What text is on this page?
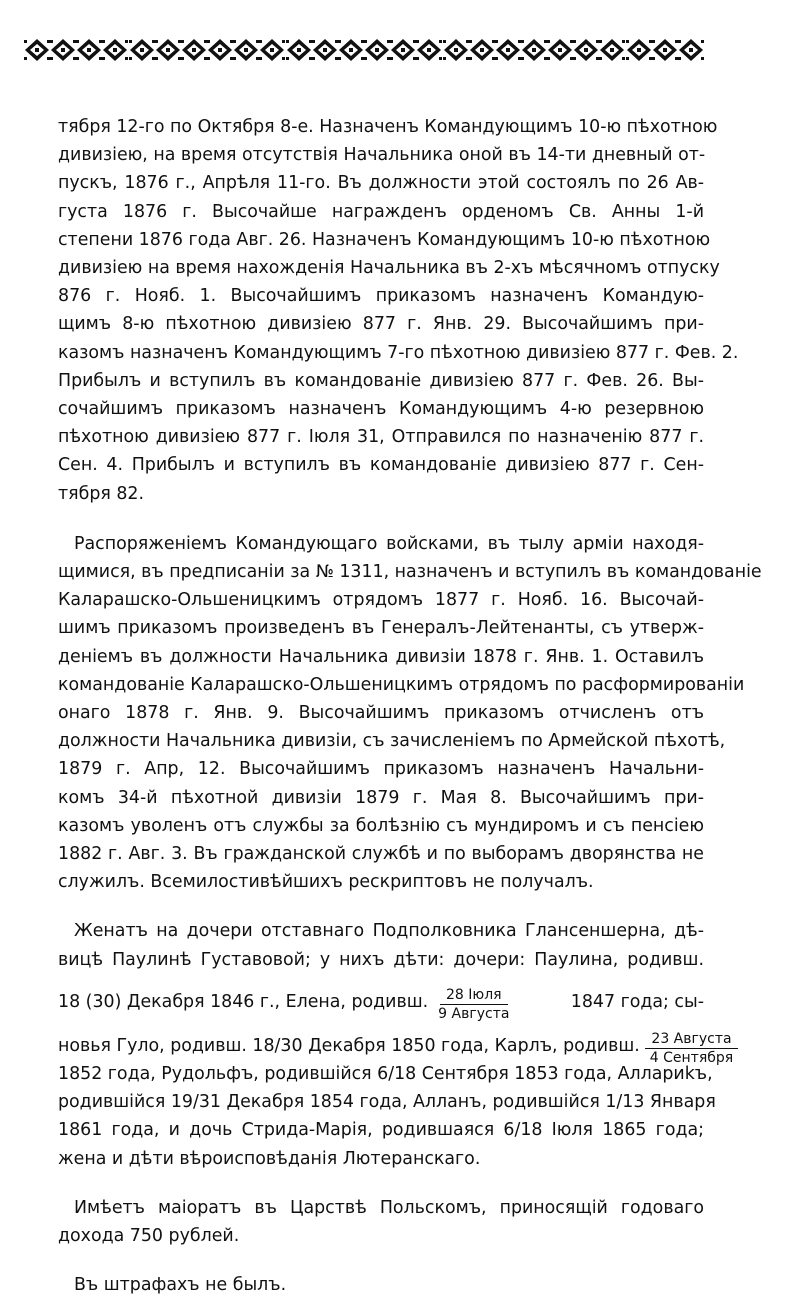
тября 12-го по Октября 8-е. Назначенъ Командующимъ 10-ю пѣхотною
дивизіею, на время отсутствія Начальника оной въ 14-ти дневный от-
пускъ, 1876 г., Апрѣля 11-го. Въ должности этой состоялъ по 26 Ав-
густа 1876 г. Высочайше награжденъ орденомъ Св. Анны 1-й
степени 1876 года Авг. 26. Назначенъ Командующимъ 10-ю пѣхотною
дивизіею на время нахожденія Начальника въ 2-хъ мѣсячномъ отпуску
876 г. Нояб. 1. Высочайшимъ приказомъ назначенъ Командую-
щимъ 8-ю пѣхотною дивизіею 877 г. Янв. 29. Высочайшимъ при-
казомъ назначенъ Командующимъ 7-го пѣхотною дивизіею 877 г. Фев. 2.
Прибылъ и вступилъ въ командованіе дивизіею 877 г. Фев. 26. Вы-
сочайшимъ приказомъ назначенъ Командующимъ 4-ю резервною
пѣхотною дивизіею 877 г. Іюля 31, Отправился по назначенію 877 г.
Сен. 4. Прибылъ и вступилъ въ командованіе дивизіею 877 г. Сен-
тября 82.
Распоряженіемъ Командующаго войсками, въ тылу арміи находя-
щимися, въ предписаніи за № 1311, назначенъ и вступилъ въ командованіе
Каларашско-Ольшеницкимъ отрядомъ 1877 г. Нояб. 16. Высочай-
шимъ приказомъ произведенъ въ Генералъ-Лейтенанты, съ утверж-
деніемъ въ должности Начальника дивизіи 1878 г. Янв. 1. Оставилъ
командованіе Каларашско-Ольшеницкимъ отрядомъ по расформированіи
онаго 1878 г. Янв. 9. Высочайшимъ приказомъ отчисленъ отъ
должности Начальника дивизіи, съ зачисленіемъ по Армейской пѣхотѣ,
1879 г. Апр, 12. Высочайшимъ приказомъ назначенъ Начальни-
комъ 34-й пѣхотной дивизіи 1879 г. Мая 8. Высочайшимъ при-
казомъ уволенъ отъ службы за болѣзнію съ мундиромъ и съ пенсіею
1882 г. Авг. 3. Въ гражданской службѣ и по выборамъ дворянства не
служилъ. Всемилостивѣйшихъ рескриптовъ не получалъ.
Женатъ на дочери отставнаго Подполковника Глансеншерна, дѣ-
вицѣ Паулинѣ Густавовой; у нихъ дѣти: дочери: Паулина, родивш.
18 (30) Декабря 1846 г., Елена, родивш. $\frac{\text{28 Іюля}}{\text{9 Августа}}$	1847 года; сы-
новья Гуло, родивш. 18/30 Декабря 1850 года, Карлъ, родивш. $\frac{\text{23 Августа}}{\text{4 Сентября}}$
1852 года, Рудольфъ, родившійся 6/18 Сентября 1853 года, Аллариkъ,
родившійся 19/31 Декабря 1854 года, Алланъ, родившійся 1/13 Января
1861 года, и дочь Стрида-Марія, родившаяся 6/18 Іюля 1865 года;
жена и дѣти вѣроисповѣданія Лютеранскаго.
Имѣетъ маіоратъ въ Царствѣ Польскомъ, приносящій годоваго
дохода 750 рублей.
Въ штрафахъ не былъ.
